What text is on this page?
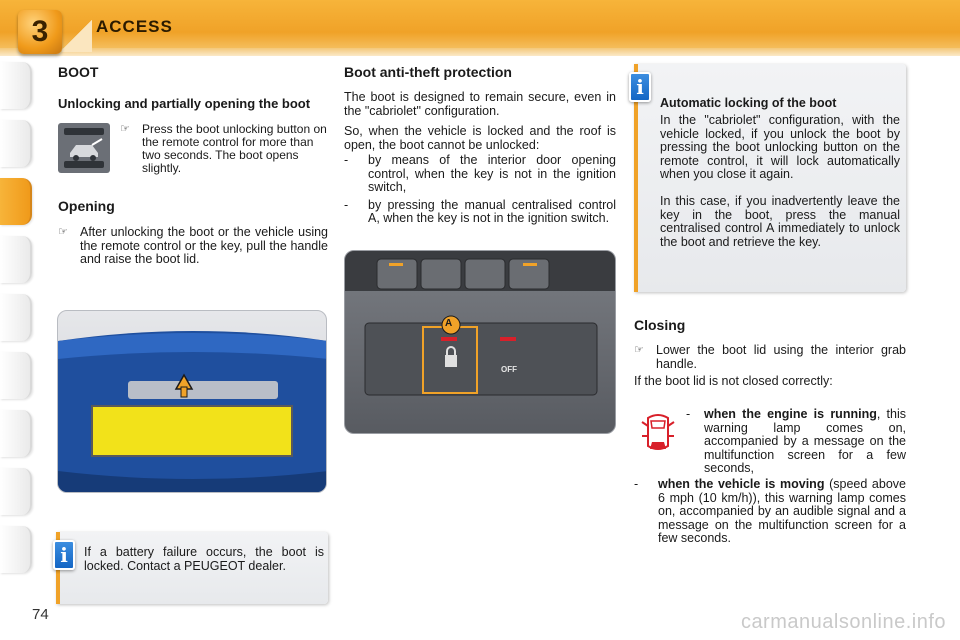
3	ACCESS
BOOT
Unlocking and partially opening the boot
☞	Press the boot unlocking button on the remote control for more than two seconds. The boot opens slightly.

Opening
☞ After unlocking the boot or the vehicle using the remote control or the key, pull the handle and raise the boot lid.

If a battery failure occurs, the boot is locked. Contact a PEUGEOT dealer.

i
Boot anti-theft protection

The boot is designed to remain secure, even in the "cabriolet" configuration.

So, when the vehicle is locked and the roof is open, the boot cannot be unlocked:

-	by means of the interior door opening control, when the key is not in the ignition switch,

-	by pressing the manual centralised control A, when the key is not in the ignition switch.

A
OFF
Automatic locking of the boot

In the "cabriolet" configuration, with the vehicle locked, if you unlock the boot by pressing the boot unlocking button on the remote control, it will lock automatically when you close it again.

In this case, if you inadvertently leave the key in the boot, press the manual centralised control A immediately to unlock the boot and retrieve the key.

i
Closing
☞ Lower the boot lid using the interior grab handle.

If the boot lid is not closed correctly:

-	when the engine is running, this warning lamp comes on, accompanied by a message on the multifunction screen for a few seconds,

-	when the vehicle is moving (speed above 6 mph (10 km/h)), this warning lamp comes on, accompanied by an audible signal and a message on the multifunction screen for a few seconds.

74	carmanualsonline.info
